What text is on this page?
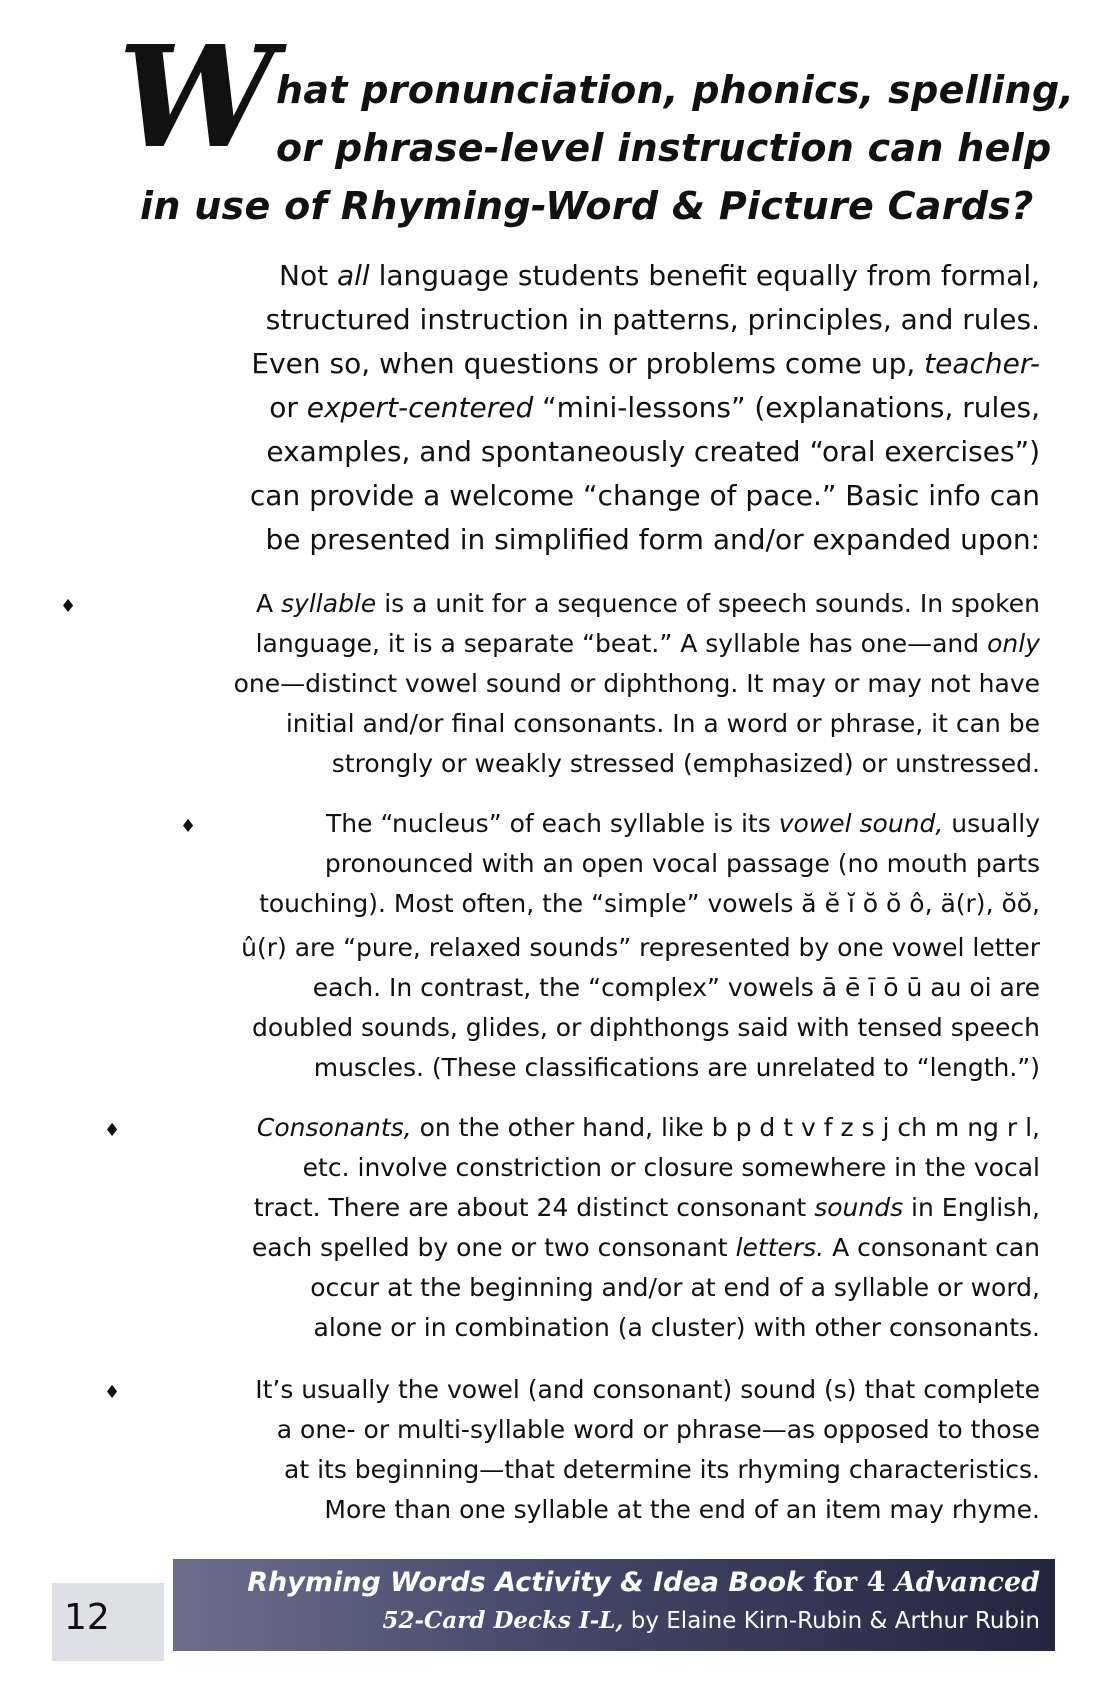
W hat pronunciation, phonics, spelling,
or phrase-level instruction can help
in use of Rhyming-Word & Picture Cards?
Not all language students benefit equally from formal,
structured instruction in patterns, principles, and rules.
Even so, when questions or problems come up, teacher-
or expert-centered “mini-lessons” (explanations, rules,
examples, and spontaneously created “oral exercises”)
can provide a welcome “change of pace.” Basic info can
be presented in simplified form and/or expanded upon:
♦	A syllable is a unit for a sequence of speech sounds. In spoken
language, it is a separate “beat.” A syllable has one—and only
one—distinct vowel sound or diphthong. It may or may not have
initial and/or final consonants. In a word or phrase, it can be
strongly or weakly stressed (emphasized) or unstressed.
♦	The “nucleus” of each syllable is its vowel sound, usually
pronounced with an open vocal passage (no mouth parts
touching). Most often, the “simple” vowels ă ĕ ĭ ŏ ŏ ô, ä(r), ŏŏ,
û(r) are “pure, relaxed sounds” represented by one vowel letter
each. In contrast, the “complex” vowels ā ē ī ō ū au oi are
doubled sounds, glides, or diphthongs said with tensed speech
muscles. (These classifications are unrelated to “length.”)
♦	Consonants, on the other hand, like b p d t v f z s j ch m ng r l,
etc. involve constriction or closure somewhere in the vocal
tract. There are about 24 distinct consonant sounds in English,
each spelled by one or two consonant letters. A consonant can
occur at the beginning and/or at end of a syllable or word,
alone or in combination (a cluster) with other consonants.
♦	It’s usually the vowel (and consonant) sound (s) that complete
a one- or multi-syllable word or phrase—as opposed to those
at its beginning—that determine its rhyming characteristics.
More than one syllable at the end of an item may rhyme.
12
Rhyming Words Activity & Idea Book for 4 Advanced
52-Card Decks I-L, by Elaine Kirn-Rubin & Arthur Rubin
